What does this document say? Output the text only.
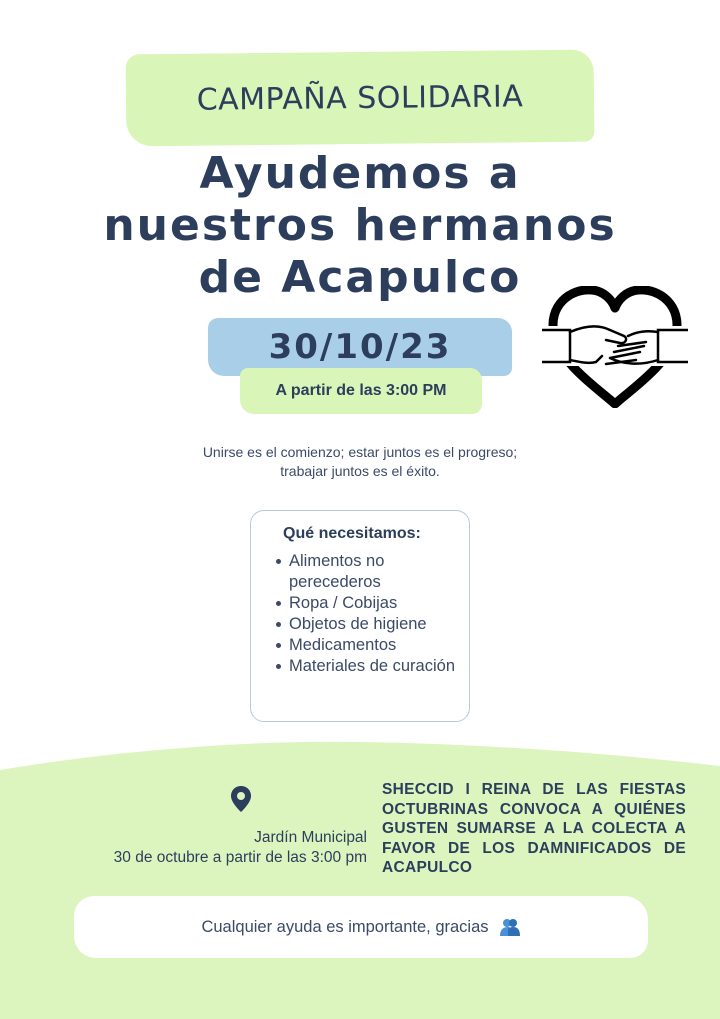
CAMPAÑA SOLIDARIA
Ayudemos a
nuestros hermanos
de Acapulco
30/10/23
A partir de las 3:00 PM
Unirse es el comienzo; estar juntos es el progreso;
trabajar juntos es el éxito.
Qué necesitamos:
Alimentos no perecederos
Ropa / Cobijas
Objetos de higiene
Medicamentos
Materiales de curación
Jardín Municipal
30 de octubre a partir de las 3:00 pm
SHECCID I REINA DE LAS FIESTAS OCTUBRINAS CONVOCA A QUIÉNES GUSTEN SUMARSE A LA COLECTA A FAVOR DE LOS DAMNIFICADOS DE ACAPULCO
Cualquier ayuda es importante, gracias
